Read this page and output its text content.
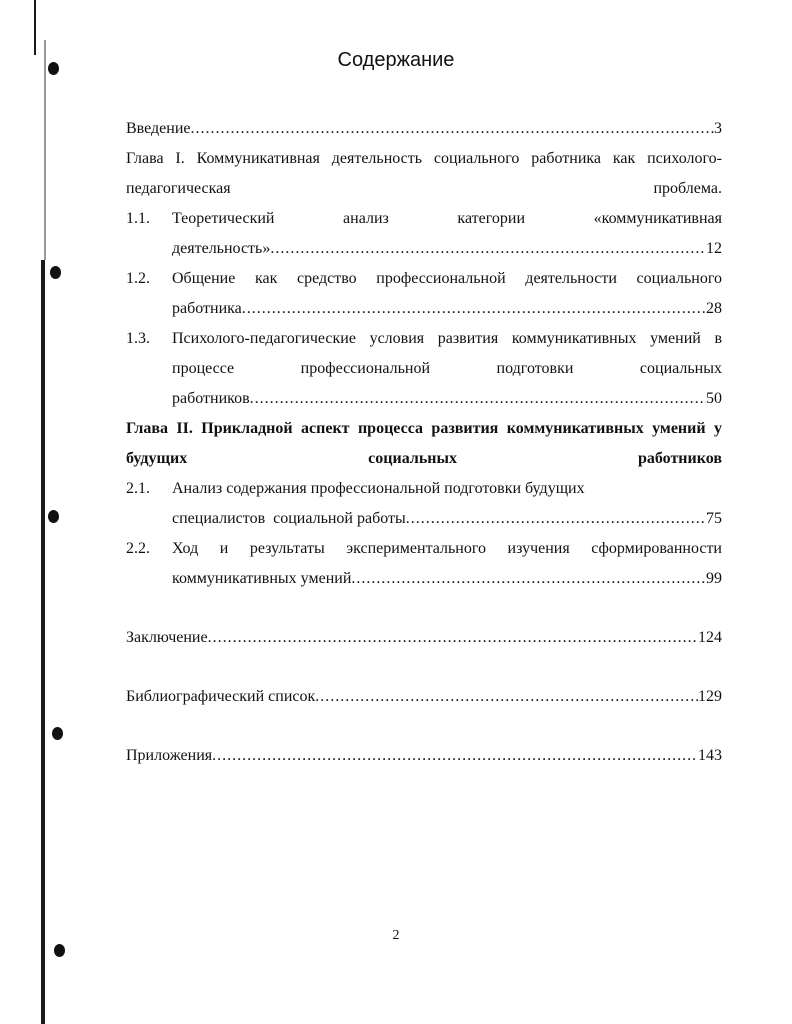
Содержание
Введение .....	3
Глава I. Коммуникативная деятельность социального работника как психолого-педагогическая проблема.
1.1.	Теоретический анализ категории «коммуникативная
деятельность» .....	12
1.2.	Общение как средство профессиональной деятельности социального
работника .....	28
1.3.	Психолого-педагогические условия развития коммуникативных умений в процессе профессиональной подготовки социальных
работников .....	50
Глава II. Прикладной аспект процесса развития коммуникативных умений у будущих социальных работников
2.1.	Анализ содержания профессиональной подготовки будущих
специалистов  социальной работы .....	75
2.2.	Ход и результаты экспериментального изучения сформированности
коммуникативных умений .....	99
Заключение .....	124
Библиографический список .....	129
Приложения .....	143
2
